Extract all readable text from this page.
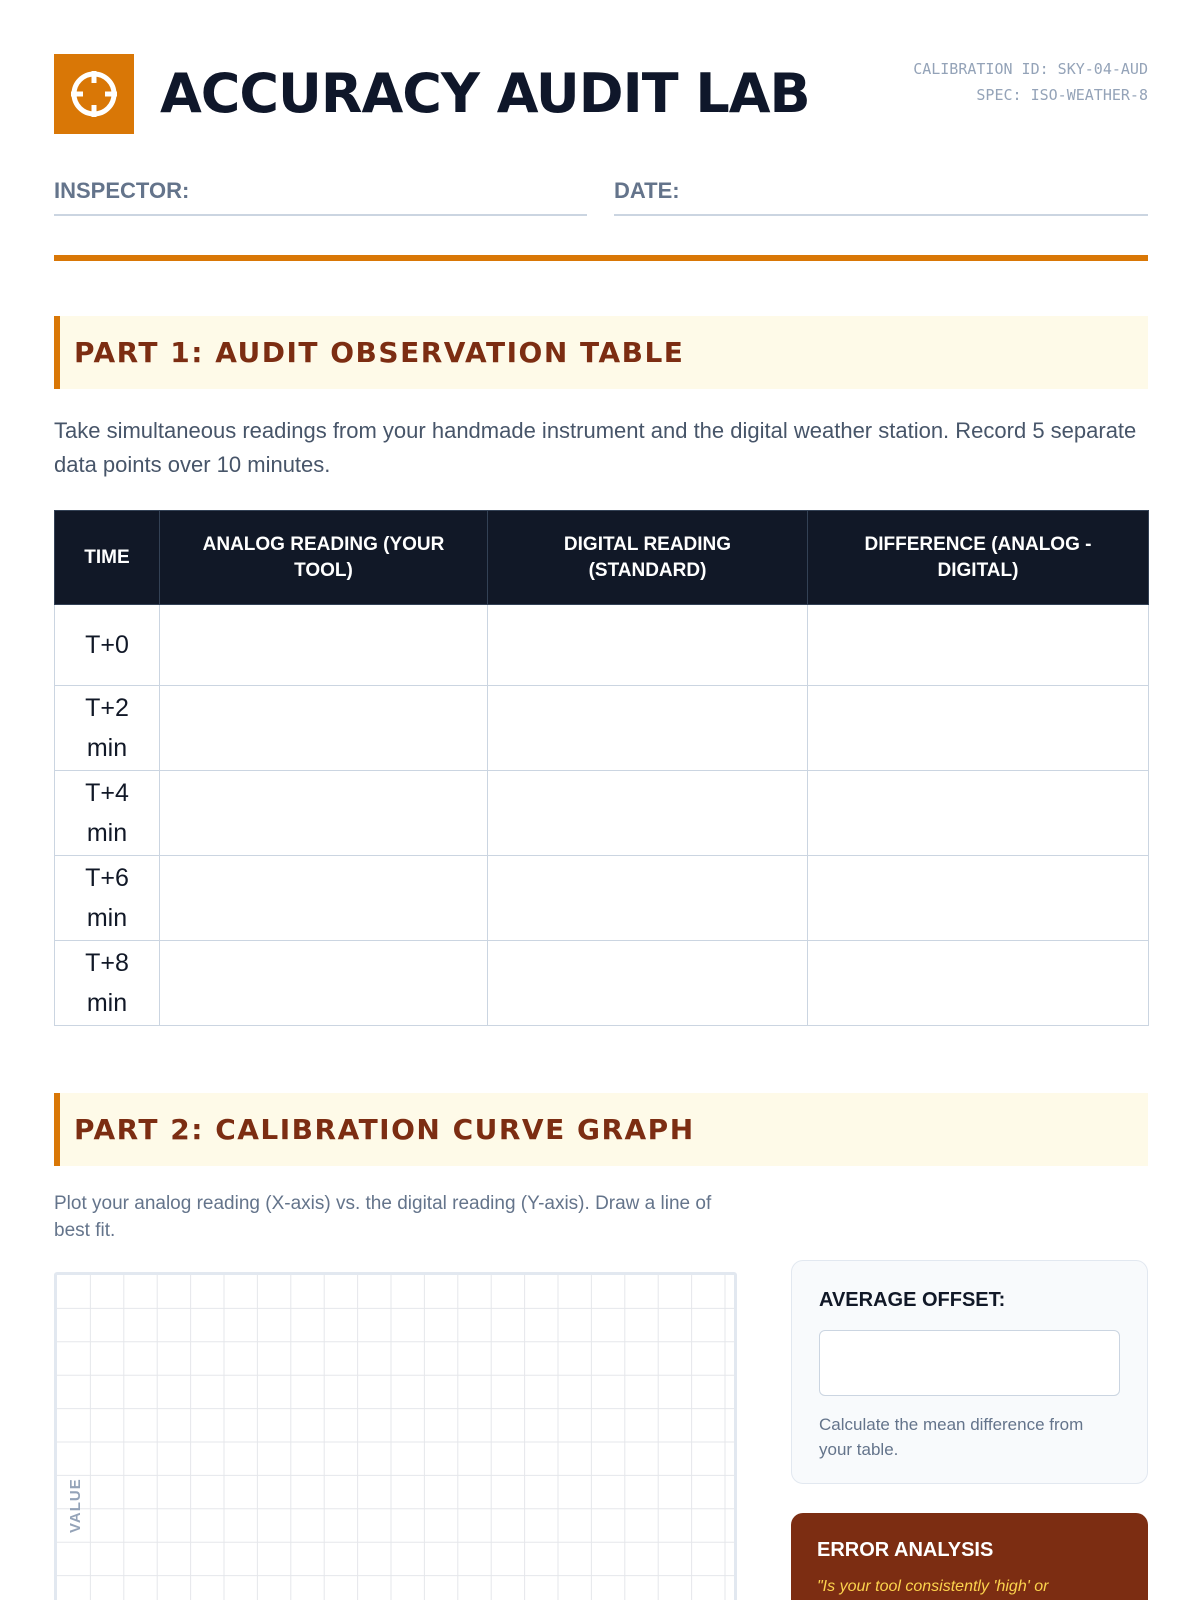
ACCURACY AUDIT LAB	CALIBRATION ID: SKY-04-AUD
SPEC: ISO-WEATHER-8
INSPECTOR:	DATE:
PART 1: AUDIT OBSERVATION TABLE
Take simultaneous readings from your handmade instrument and the digital weather station. Record 5 separate data points over 10 minutes.
TIME	ANALOG READING (YOUR TOOL)	DIGITAL READING (STANDARD)	DIFFERENCE (ANALOG - DIGITAL)
T+0			
T+2 min			
T+4 min			
T+6 min			
T+8 min			
PART 2: CALIBRATION CURVE GRAPH
Plot your analog reading (X-axis) vs. the digital reading (Y-axis). Draw a line of best fit.
VALUE
AVERAGE OFFSET:
Calculate the mean difference from your table.
ERROR ANALYSIS
"Is your tool consistently 'high' or
